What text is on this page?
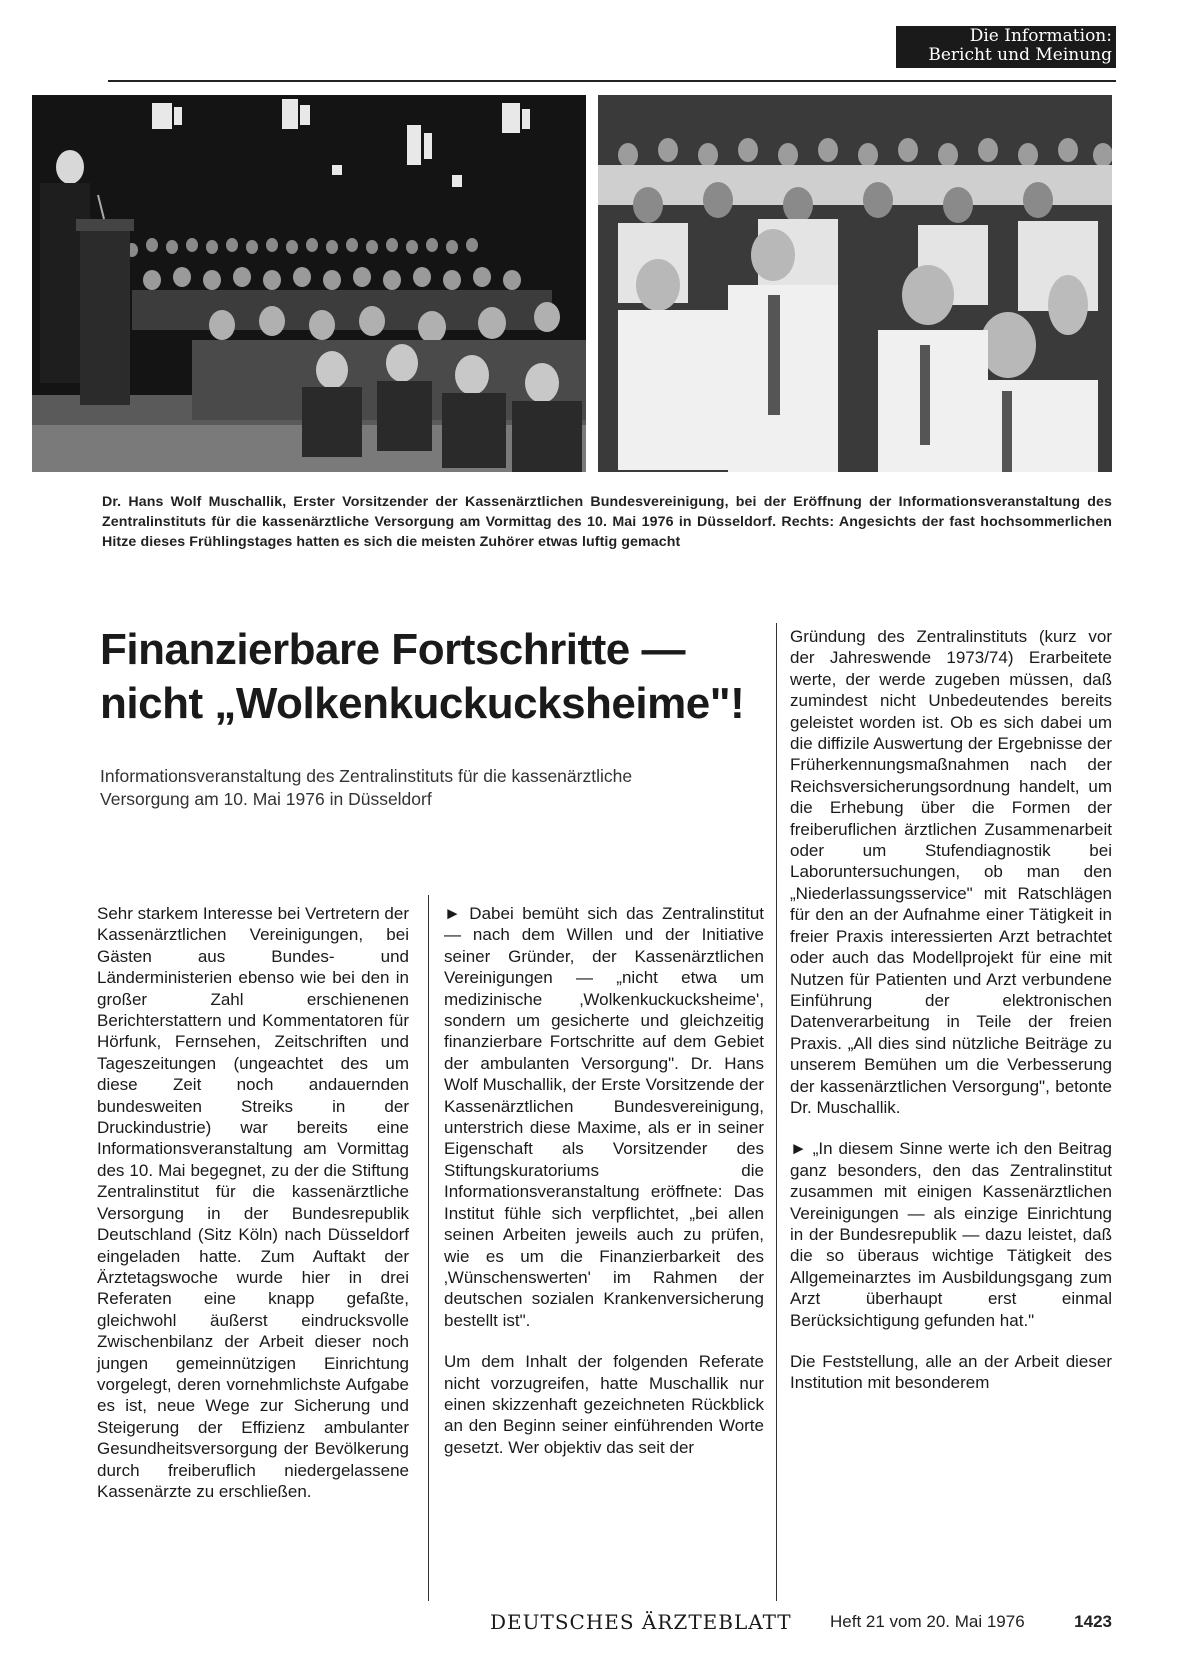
Die Information:
Bericht und Meinung
Dr. Hans Wolf Muschallik, Erster Vorsitzender der Kassenärztlichen Bundesvereinigung, bei der Eröffnung der Informationsveranstaltung des Zentralinstituts für die kassenärztliche Versorgung am Vormittag des 10. Mai 1976 in Düsseldorf. Rechts: Angesichts der fast hochsommerlichen Hitze dieses Frühlingstages hatten es sich die meisten Zuhörer etwas luftig gemacht
Finanzierbare Fortschritte — nicht „Wolkenkuckucksheime"!
Informationsveranstaltung des Zentralinstituts für die kassenärztliche Versorgung am 10. Mai 1976 in Düsseldorf

Sehr starkem Interesse bei Vertretern der Kassenärztlichen Vereinigungen, bei Gästen aus Bundes- und Länderministerien ebenso wie bei den in großer Zahl erschienenen Berichterstattern und Kommentatoren für Hörfunk, Fernsehen, Zeitschriften und Tageszeitungen (ungeachtet des um diese Zeit noch andauernden bundesweiten Streiks in der Druckindustrie) war bereits eine Informationsveranstaltung am Vormittag des 10. Mai begegnet, zu der die Stiftung Zentralinstitut für die kassenärztliche Versorgung in der Bundesrepublik Deutschland (Sitz Köln) nach Düsseldorf eingeladen hatte. Zum Auftakt der Ärztetagswoche wurde hier in drei Referaten eine knapp gefaßte, gleichwohl äußerst eindrucksvolle Zwischenbilanz der Arbeit dieser noch jungen gemeinnützigen Einrichtung vorgelegt, deren vornehmlichste Aufgabe es ist, neue Wege zur Sicherung und Steigerung der Effizienz ambulanter Gesundheitsversorgung der Bevölkerung durch freiberuflich niedergelassene Kassenärzte zu erschließen.

► Dabei bemüht sich das Zentralinstitut — nach dem Willen und der Initiative seiner Gründer, der Kassenärztlichen Vereinigungen — „nicht etwa um medizinische ‚Wolkenkuckucksheime', sondern um gesicherte und gleichzeitig finanzierbare Fortschritte auf dem Gebiet der ambulanten Versorgung". Dr. Hans Wolf Muschallik, der Erste Vorsitzende der Kassenärztlichen Bundesvereinigung, unterstrich diese Maxime, als er in seiner Eigenschaft als Vorsitzender des Stiftungskuratoriums die Informationsveranstaltung eröffnete: Das Institut fühle sich verpflichtet, „bei allen seinen Arbeiten jeweils auch zu prüfen, wie es um die Finanzierbarkeit des ‚Wünschenswerten' im Rahmen der deutschen sozialen Krankenversicherung bestellt ist".

Um dem Inhalt der folgenden Referate nicht vorzugreifen, hatte Muschallik nur einen skizzenhaft gezeichneten Rückblick an den Beginn seiner einführenden Worte gesetzt. Wer objektiv das seit der

Gründung des Zentralinstituts (kurz vor der Jahreswende 1973/74) Erarbeitete werte, der werde zugeben müssen, daß zumindest nicht Unbedeutendes bereits geleistet worden ist. Ob es sich dabei um die diffizile Auswertung der Ergebnisse der Früherkennungsmaßnahmen nach der Reichsversicherungsordnung handelt, um die Erhebung über die Formen der freiberuflichen ärztlichen Zusammenarbeit oder um Stufendiagnostik bei Laboruntersuchungen, ob man den „Niederlassungsservice" mit Ratschlägen für den an der Aufnahme einer Tätigkeit in freier Praxis interessierten Arzt betrachtet oder auch das Modellprojekt für eine mit Nutzen für Patienten und Arzt verbundene Einführung der elektronischen Datenverarbeitung in Teile der freien Praxis. „All dies sind nützliche Beiträge zu unserem Bemühen um die Verbesserung der kassenärztlichen Versorgung", betonte Dr. Muschallik.

► „In diesem Sinne werte ich den Beitrag ganz besonders, den das Zentralinstitut zusammen mit einigen Kassenärztlichen Vereinigungen — als einzige Einrichtung in der Bundesrepublik — dazu leistet, daß die so überaus wichtige Tätigkeit des Allgemeinarztes im Ausbildungsgang zum Arzt überhaupt erst einmal Berücksichtigung gefunden hat."

Die Feststellung, alle an der Arbeit dieser Institution mit besonderem

DEUTSCHES ÄRZTEBLATT Heft 21 vom 20. Mai 1976	1423
